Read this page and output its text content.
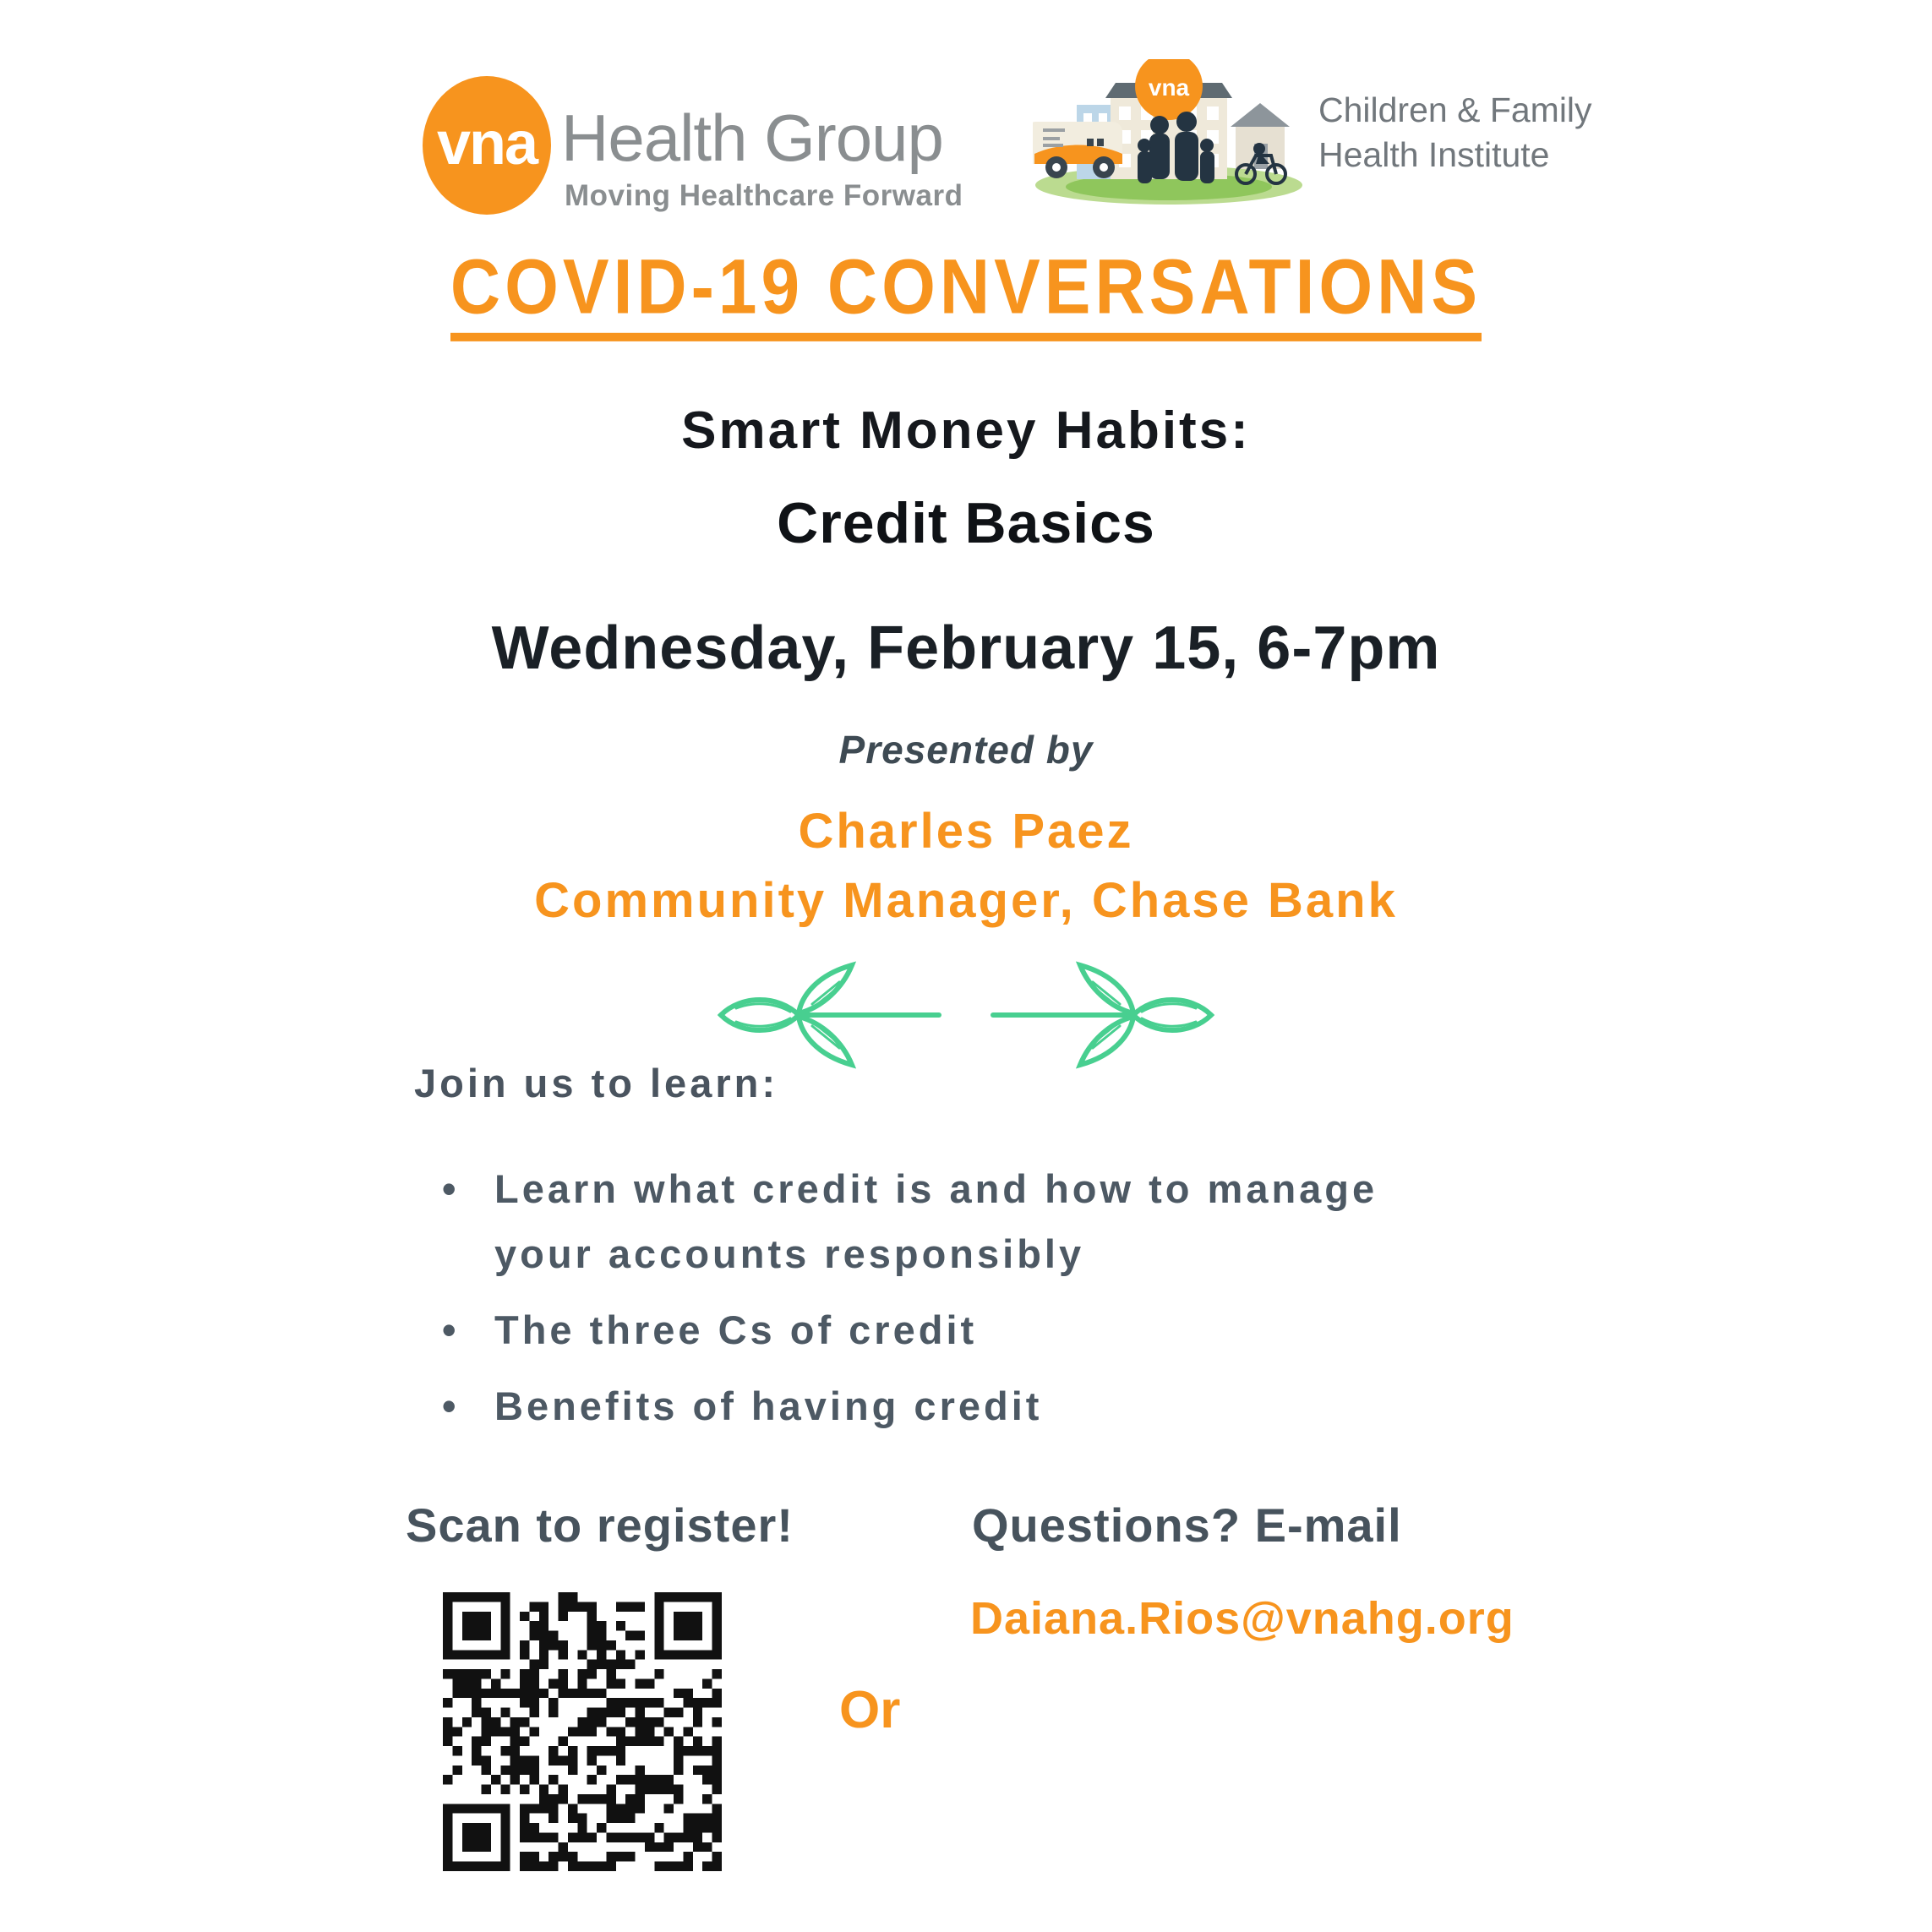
vna Health Group
Moving Healthcare Forward
vna
Children & Family
Health Institute
COVID-19 CONVERSATIONS
Smart Money Habits:
Credit Basics
Wednesday, February 15, 6-7pm
Presented by
Charles Paez
Community Manager, Chase Bank
Join us to learn:
• Learn what credit is and how to manage your accounts responsibly
• The three Cs of credit
• Benefits of having credit
Scan to register!	Questions? E-mail
Daiana.Rios@vnahg.org
Or
